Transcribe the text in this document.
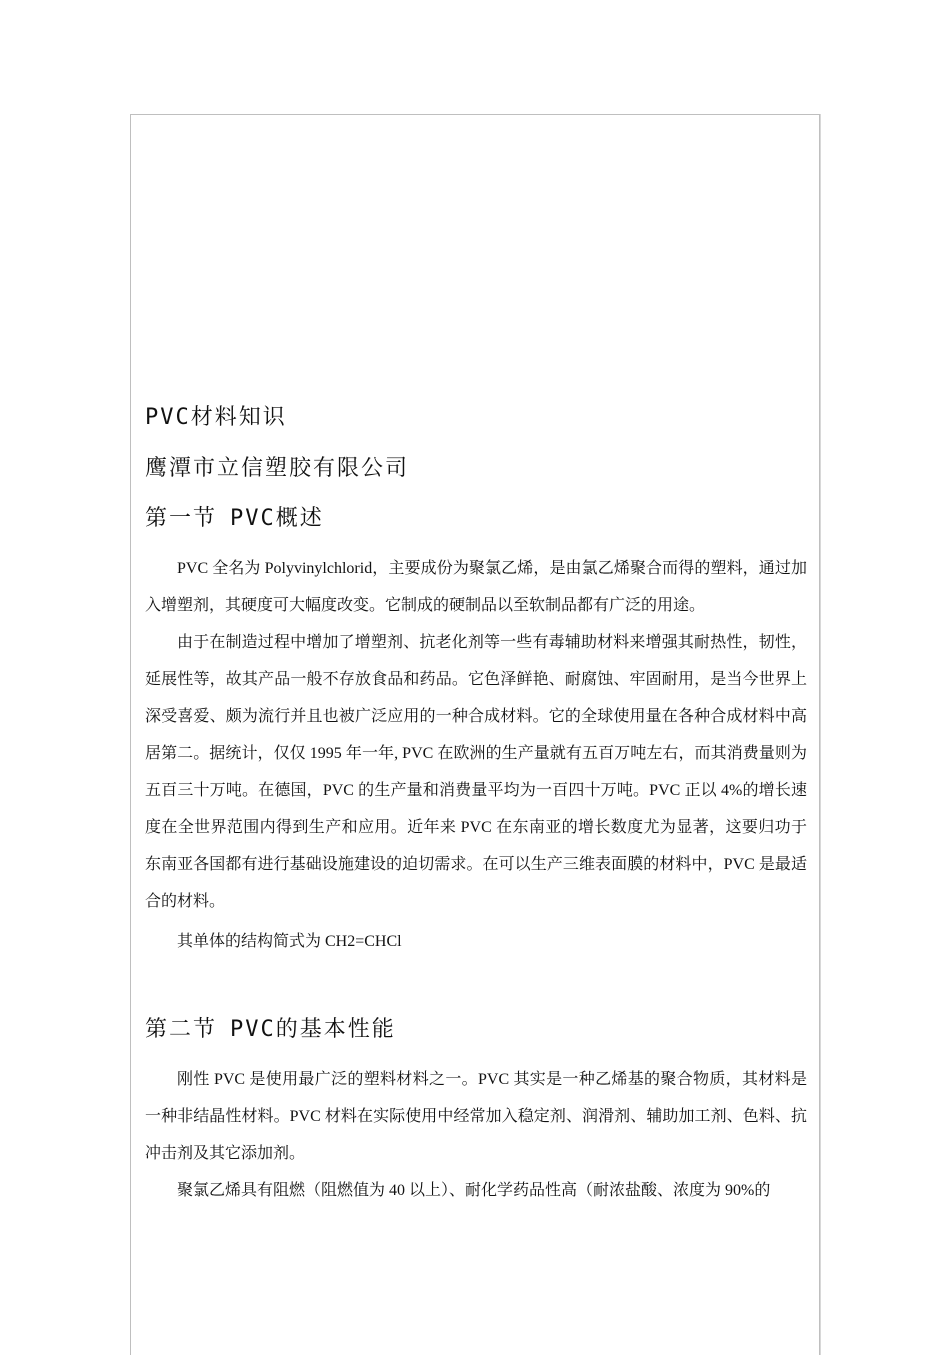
PVC材料知识
鹰潭市立信塑胶有限公司
第一节 PVC概述

PVC 全名为 Polyvinylchlorid，主要成份为聚氯乙烯，是由氯乙烯聚合而得的塑料，通过加入增塑剂，其硬度可大幅度改变。它制成的硬制品以至软制品都有广泛的用途。

由于在制造过程中增加了增塑剂、抗老化剂等一些有毒辅助材料来增强其耐热性，韧性，延展性等，故其产品一般不存放食品和药品。它色泽鲜艳、耐腐蚀、牢固耐用，是当今世界上深受喜爱、颇为流行并且也被广泛应用的一种合成材料。它的全球使用量在各种合成材料中高居第二。据统计，仅仅 1995 年一年, PVC 在欧洲的生产量就有五百万吨左右，而其消费量则为五百三十万吨。在德国，PVC 的生产量和消费量平均为一百四十万吨。PVC 正以 4%的增长速度在全世界范围内得到生产和应用。近年来 PVC 在东南亚的增长数度尤为显著，这要归功于东南亚各国都有进行基础设施建设的迫切需求。在可以生产三维表面膜的材料中，PVC 是最适合的材料。

其单体的结构简式为 CH2=CHCl

第二节 PVC的基本性能

刚性 PVC 是使用最广泛的塑料材料之一。PVC 其实是一种乙烯基的聚合物质，其材料是一种非结晶性材料。PVC 材料在实际使用中经常加入稳定剂、润滑剂、辅助加工剂、色料、抗冲击剂及其它添加剂。

聚氯乙烯具有阻燃（阻燃值为 40 以上）、耐化学药品性高（耐浓盐酸、浓度为 90%的
